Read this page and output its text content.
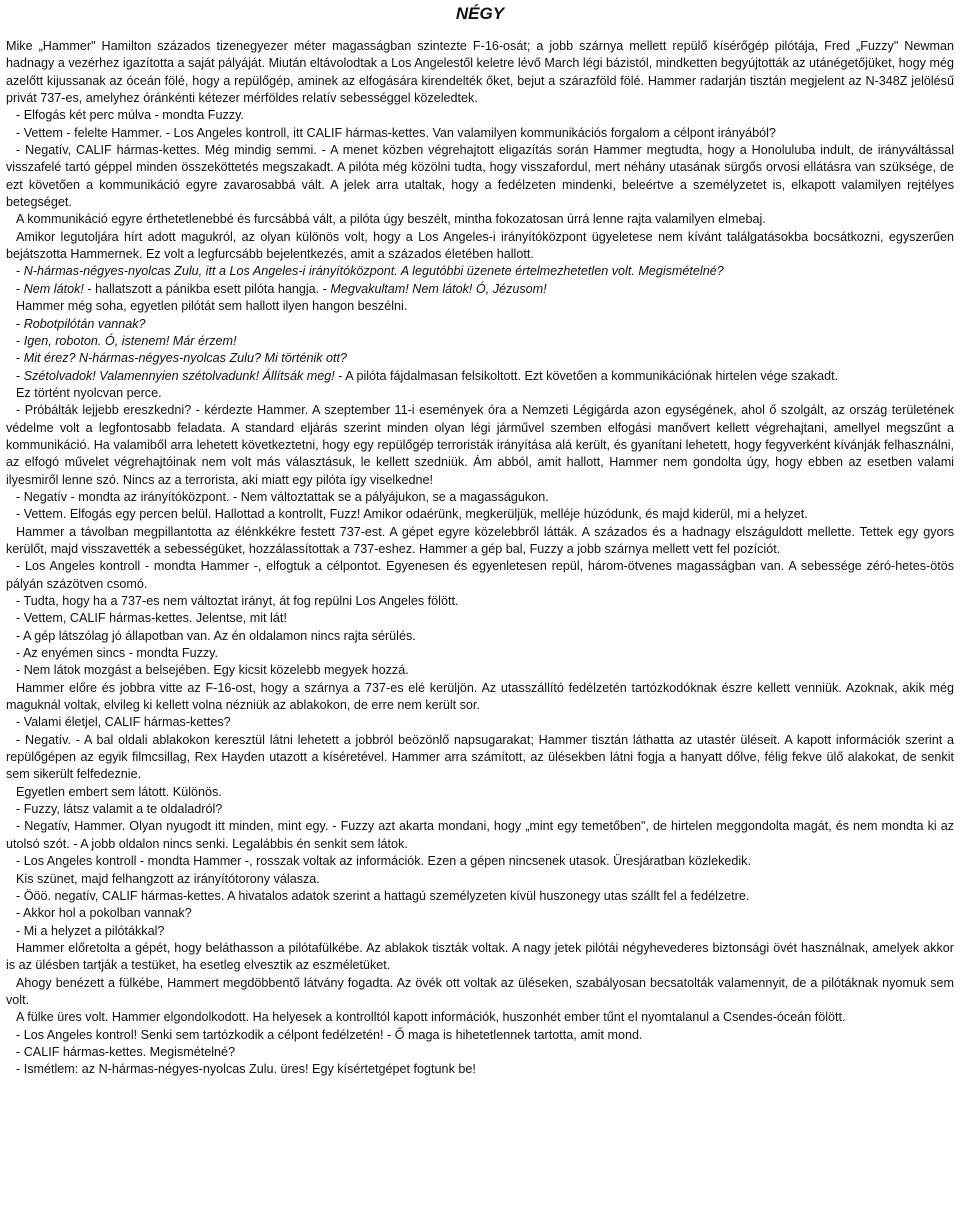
NÉGY

Mike „Hammer" Hamilton százados tizenegyezer méter magasságban szintezte F-16-osát; a jobb szárnya mellett repülő kísérőgép pilótája, Fred „Fuzzy" Newman hadnagy a vezérhez igazította a saját pályáját. Miután eltávolodtak a Los Angelestől keletre lévő March légi bázistól, mindketten begyújtották az utánégetőjüket, hogy még azelőtt kijussanak az óceán fölé, hogy a repülőgép, aminek az elfogására kirendelték őket, bejut a szárazföld fölé. Hammer radarján tisztán megjelent az N-348Z jelölésű privát 737-es, amelyhez óránkénti kétezer mérföldes relatív sebességgel közeledtek.

- Elfogás két perc múlva - mondta Fuzzy.

- Vettem - felelte Hammer. - Los Angeles kontroll, itt CALIF hármas-kettes. Van valamilyen kommunikációs forgalom a célpont irányából?

- Negatív, CALIF hármas-kettes. Még mindig semmi. - A menet közben végrehajtott eligazítás során Hammer megtudta, hogy a Honoluluba indult, de irányváltással visszafelé tartó géppel minden összeköttetés megszakadt. A pilóta még közölni tudta, hogy visszafordul, mert néhány utasának sürgős orvosi ellátásra van szüksége, de ezt követően a kommunikáció egyre zavarosabbá vált. A jelek arra utaltak, hogy a fedélzeten mindenki, beleértve a személyzetet is, elkapott valamilyen rejtélyes betegséget.

A kommunikáció egyre érthetetlenebbé és furcsábbá vált, a pilóta úgy beszélt, mintha fokozatosan úrrá lenne rajta valamilyen elmebaj.

Amikor legutoljára hírt adott magukról, az olyan különös volt, hogy a Los Angeles-i irányítóközpont ügyeletese nem kívánt találgatásokba bocsátkozni, egyszerűen bejátszotta Hammernek. Ez volt a legfurcsább bejelentkezés, amit a százados életében hallott.

- N-hármas-négyes-nyolcas Zulu, itt a Los Angeles-i irányítóközpont. A legutóbbi üzenete értelmezhetetlen volt. Megismételné?

- Nem látok! - hallatszott a pánikba esett pilóta hangja. - Megvakultam! Nem látok! Ó, Jézusom!

Hammer még soha, egyetlen pilótát sem hallott ilyen hangon beszélni.

- Robotpilótán vannak?

- Igen, roboton. Ó, istenem! Már érzem!

- Mit érez? N-hármas-négyes-nyolcas Zulu? Mi történik ott?

- Szétolvadok! Valamennyien szétolvadunk! Állítsák meg! - A pilóta fájdalmasan felsikoltott. Ezt követően a kommunikációnak hirtelen vége szakadt.

Ez történt nyolcvan perce.

- Próbálták lejjebb ereszkedni? - kérdezte Hammer. A szeptember 11-i események óra a Nemzeti Légigárda azon egységének, ahol ő szolgált, az ország területének védelme volt a legfontosabb feladata. A standard eljárás szerint minden olyan légi járművel szemben elfogási manővert kellett végrehajtani, amellyel megszűnt a kommunikáció. Ha valamiből arra lehetett következtetni, hogy egy repülőgép terroristák irányítása alá került, és gyanítani lehetett, hogy fegyverként kívánják felhasználni, az elfogó művelet végrehajtóinak nem volt más választásuk, le kellett szedniük. Ám abból, amit hallott, Hammer nem gondolta úgy, hogy ebben az esetben valami ilyesmiről lenne szó. Nincs az a terrorista, aki miatt egy pilóta így viselkedne!

- Negatív - mondta az irányítóközpont. - Nem változtattak se a pályájukon, se a magasságukon.

- Vettem. Elfogás egy percen belül. Hallottad a kontrollt, Fuzz! Amikor odaérünk, megkerüljük, melléje húzódunk, és majd kiderül, mi a helyzet.

Hammer a távolban megpillantotta az élénkkékre festett 737-est. A gépet egyre közelebbről látták. A százados és a hadnagy elszáguldott mellette. Tettek egy gyors kerülőt, majd visszavették a sebességüket, hozzálassítottak a 737-eshez. Hammer a gép bal, Fuzzy a jobb szárnya mellett vett fel pozíciót.

- Los Angeles kontroll - mondta Hammer -, elfogtuk a célpontot. Egyenesen és egyenletesen repül, három-ötvenes magasságban van. A sebessége zéró-hetes-ötös pályán százötven csomó.

- Tudta, hogy ha a 737-es nem változtat irányt, át fog repülni Los Angeles fölött.

- Vettem, CALIF hármas-kettes. Jelentse, mit lát!

- A gép látszólag jó állapotban van. Az én oldalamon nincs rajta sérülés.

- Az enyémen sincs - mondta Fuzzy.

- Nem látok mozgást a belsejében. Egy kicsit közelebb megyek hozzá.

Hammer előre és jobbra vitte az F-16-ost, hogy a szárnya a 737-es elé kerüljön. Az utasszállító fedélzetén tartózkodóknak észre kellett venniük. Azoknak, akik még maguknál voltak, elvileg ki kellett volna nézniük az ablakokon, de erre nem került sor.

- Valami életjel, CALIF hármas-kettes?

- Negatív. - A bal oldali ablakokon keresztül látni lehetett a jobbról beözönlő napsugarakat; Hammer tisztán láthatta az utastér üléseit. A kapott információk szerint a repülőgépen az egyik filmcsillag, Rex Hayden utazott a kíséretével. Hammer arra számított, az ülésekben látni fogja a hanyatt dőlve, félig fekve ülő alakokat, de senkit sem sikerült felfedeznie.

Egyetlen embert sem látott. Különös.

- Fuzzy, látsz valamit a te oldaladról?

- Negatív, Hammer. Olyan nyugodt itt minden, mint egy. - Fuzzy azt akarta mondani, hogy „mint egy temetőben", de hirtelen meggondolta magát, és nem mondta ki az utolsó szót. - A jobb oldalon nincs senki. Legalábbis én senkit sem látok.

- Los Angeles kontroll - mondta Hammer -, rosszak voltak az információk. Ezen a gépen nincsenek utasok. Üresjáratban közlekedik.

Kis szünet, majd felhangzott az irányítótorony válasza.

- Ööö. negatív, CALIF hármas-kettes. A hivatalos adatok szerint a hattagú személyzeten kívül huszonegy utas szállt fel a fedélzetre.

- Akkor hol a pokolban vannak?

- Mi a helyzet a pilótákkal?

Hammer előretolta a gépét, hogy beláthasson a pilótafülkébe. Az ablakok tiszták voltak. A nagy jetek pilótái négyhevederes biztonsági övét használnak, amelyek akkor is az ülésben tartják a testüket, ha esetleg elvesztik az eszméletüket.

Ahogy benézett a fülkébe, Hammert megdöbbentő látvány fogadta. Az övék ott voltak az üléseken, szabályosan becsatolták valamennyit, de a pilótáknak nyomuk sem volt.

A fülke üres volt. Hammer elgondolkodott. Ha helyesek a kontrolltól kapott információk, huszonhét ember tűnt el nyomtalanul a Csendes-óceán fölött.

- Los Angeles kontrol! Senki sem tartózkodik a célpont fedélzetén! - Ő maga is hihetetlennek tartotta, amit mond.

- CALIF hármas-kettes. Megismételné?

- Ismétlem: az N-hármas-négyes-nyolcas Zulu. üres! Egy kísértetgépet fogtunk be!
